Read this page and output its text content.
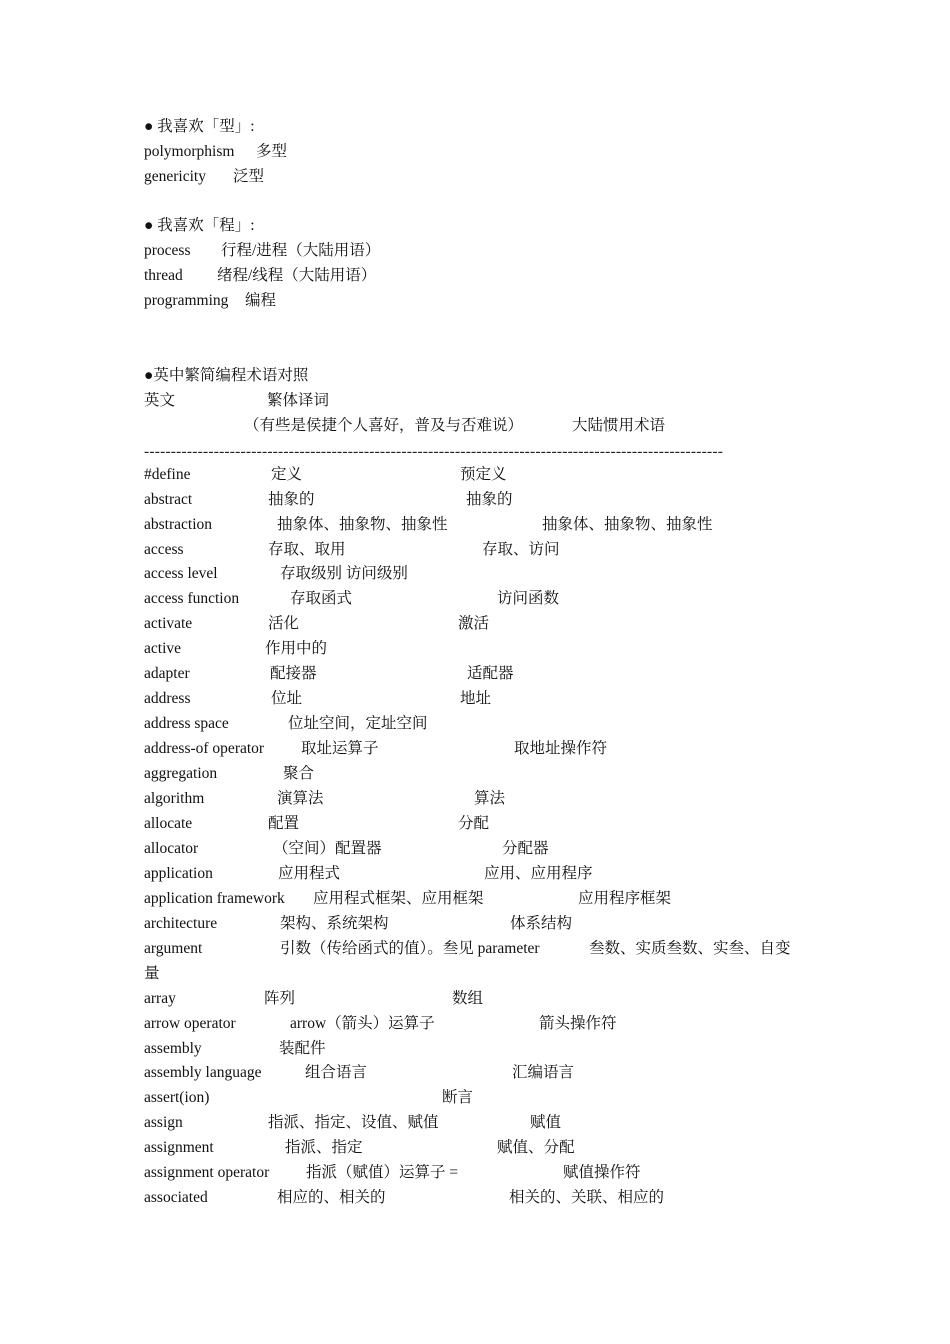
● 我喜欢「型」:
polymorphism 多型
genericity 泛型
● 我喜欢「程」:
process 行程/进程（大陆用语）
thread 绪程/线程（大陆用语）
programming 编程
●英中繁简编程术语对照
英文	繁体译词
（有些是侯捷个人喜好，普及与否难说）	大陆惯用术语
------------------------------------------------------------------------------------------------------------
#define	定义	预定义
abstract	抽象的	抽象的
abstraction	抽象体、抽象物、抽象性	抽象体、抽象物、抽象性
access	存取、取用	存取、访问
access level	存取级别 访问级别
access function	存取函式	访问函数
activate	活化	激活
active	作用中的
adapter	配接器	适配器
address	位址	地址
address space	位址空间，定址空间
address-of operator 取址运算子	取地址操作符
aggregation	聚合
algorithm	演算法	算法
allocate	配置	分配
allocator	（空间）配置器	分配器
application	应用程式	应用、应用程序
application framework 应用程式框架、应用框架	应用程序框架
architecture	架构、系统架构	体系结构
argument	引数（传给函式的值）。叁见 parameter	叁数、实质叁数、实叁、自变
量
array	阵列	数组
arrow operator	arrow（箭头）运算子	箭头操作符
assembly	装配件
assembly language	组合语言	汇编语言
assert(ion)	断言
assign	指派、指定、设值、赋值	赋值
assignment	指派、指定	赋值、分配
assignment operator 指派（赋值）运算子 =	赋值操作符
associated	相应的、相关的	相关的、关联、相应的
